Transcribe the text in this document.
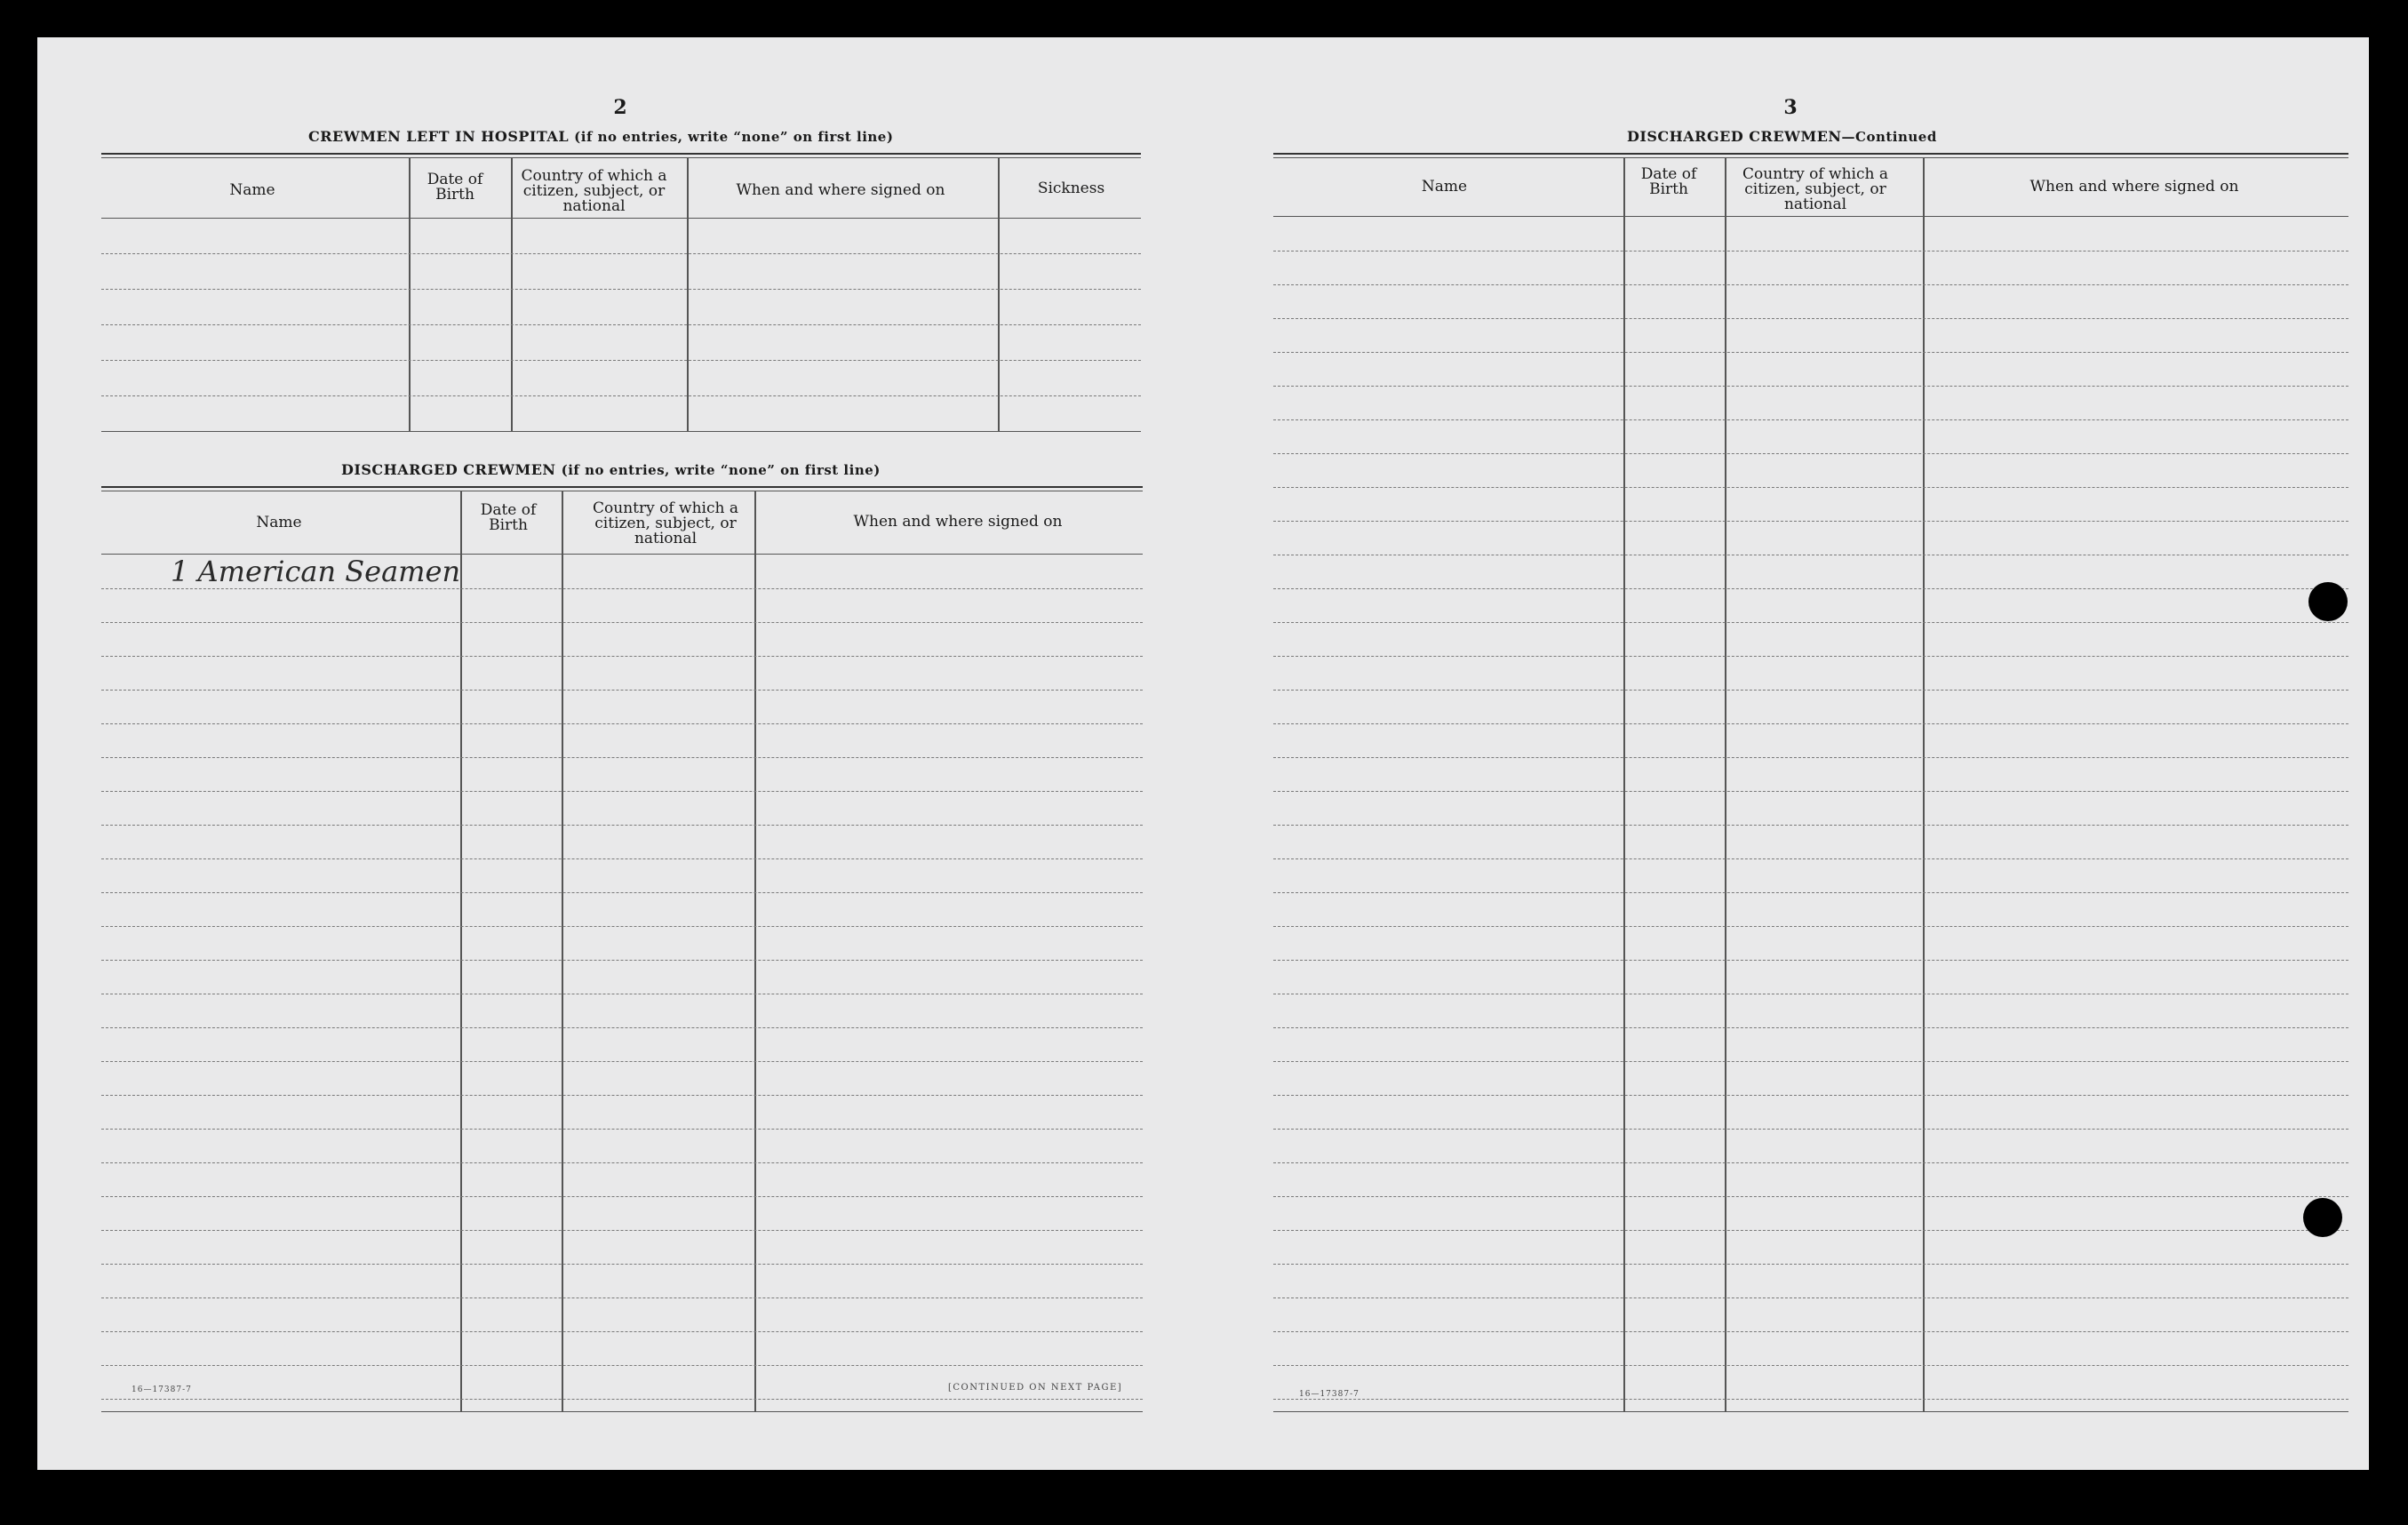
2
CREWMEN LEFT IN HOSPITAL (if no entries, write “none” on first line)
Name
Date of Birth
Country of which a citizen, subject, or national
When and where signed on	Sickness
DISCHARGED CREWMEN (if no entries, write “none” on first line)
Name
Date of Birth
Country of which a citizen, subject, or national
When and where signed on
1 American Seamen
16—17387-7	[CONTINUED ON NEXT PAGE]
3
DISCHARGED CREWMEN—Continued
Name
Date of Birth
Country of which a citizen, subject, or national
When and where signed on
16—17387-7
